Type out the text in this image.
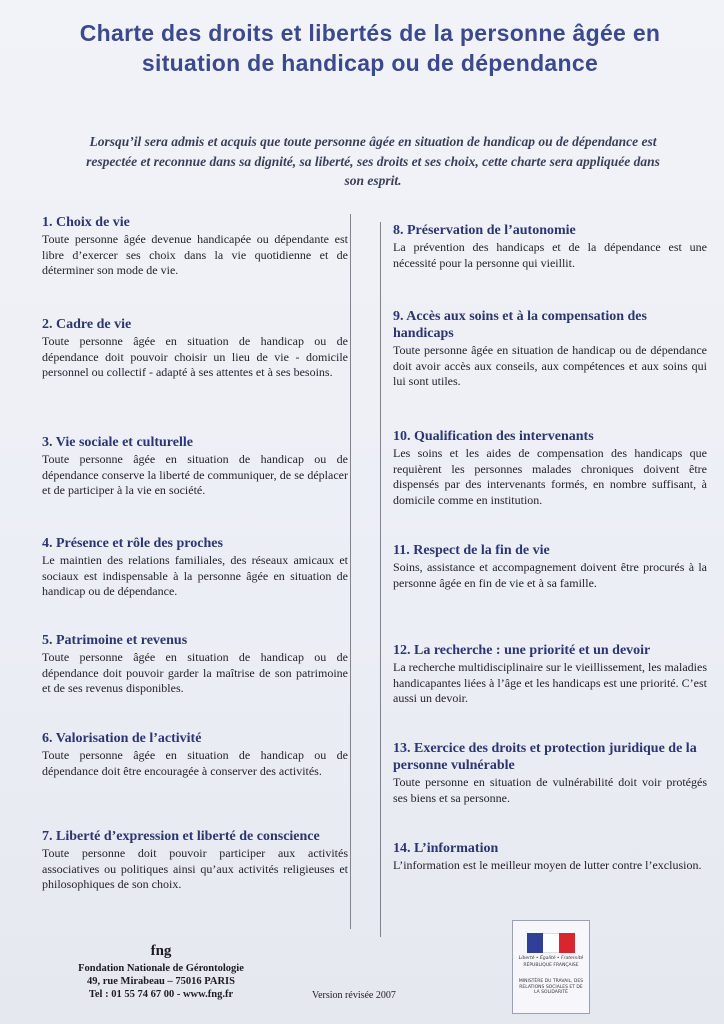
Charte des droits et libertés de la personne âgée en situation de handicap ou de dépendance
Lorsqu’il sera admis et acquis que toute personne âgée en situation de handicap ou de dépendance est respectée et reconnue dans sa dignité, sa liberté, ses droits et ses choix, cette charte sera appliquée dans son esprit.
1. Choix de vie

Toute personne âgée devenue handicapée ou dépendante est libre d’exercer ses choix dans la vie quotidienne et de déterminer son mode de vie.

2. Cadre de vie

Toute personne âgée en situation de handicap ou de dépendance doit pouvoir choisir un lieu de vie - domicile personnel ou collectif - adapté à ses attentes et à ses besoins.

3. Vie sociale et culturelle

Toute personne âgée en situation de handicap ou de dépendance conserve la liberté de communiquer, de se déplacer et de participer à la vie en société.

4. Présence et rôle des proches

Le maintien des relations familiales, des réseaux amicaux et sociaux est indispensable à la personne âgée en situation de handicap ou de dépendance.

5. Patrimoine et revenus

Toute personne âgée en situation de handicap ou de dépendance doit pouvoir garder la maîtrise de son patrimoine et de ses revenus disponibles.

6. Valorisation de l’activité

Toute personne âgée en situation de handicap ou de dépendance doit être encouragée à conserver des activités.

7. Liberté d’expression et liberté de conscience

Toute personne doit pouvoir participer aux activités associatives ou politiques ainsi qu’aux activités religieuses et philosophiques de son choix.

8. Préservation de l’autonomie

La prévention des handicaps et de la dépendance est une nécessité pour la personne qui vieillit.

9. Accès aux soins et à la compensation des handicaps

Toute personne âgée en situation de handicap ou de dépendance doit avoir accès aux conseils, aux compétences et aux soins qui lui sont utiles.

10. Qualification des intervenants

Les soins et les aides de compensation des handicaps que requièrent les personnes malades chroniques doivent être dispensés par des intervenants formés, en nombre suffisant, à domicile comme en institution.

11. Respect de la fin de vie

Soins, assistance et accompagnement doivent être procurés à la personne âgée en fin de vie et à sa famille.

12. La recherche : une priorité et un devoir

La recherche multidisciplinaire sur le vieillissement, les maladies handicapantes liées à l’âge et les handicaps est une priorité. C’est aussi un devoir.

13. Exercice des droits et protection juridique de la personne vulnérable

Toute personne en situation de vulnérabilité doit voir protégés ses biens et sa personne.

14. L’information

L’information est le meilleur moyen de lutter contre l’exclusion.

fng
Fondation Nationale de Gérontologie
49, rue Mirabeau – 75016 PARIS
Tel : 01 55 74 67 00 - www.fng.fr	Version révisée 2007
Liberté • Égalité • Fraternité
RÉPUBLIQUE FRANÇAISE
MINISTÈRE DU TRAVAIL, DES RELATIONS SOCIALES ET DE LA SOLIDARITÉ
